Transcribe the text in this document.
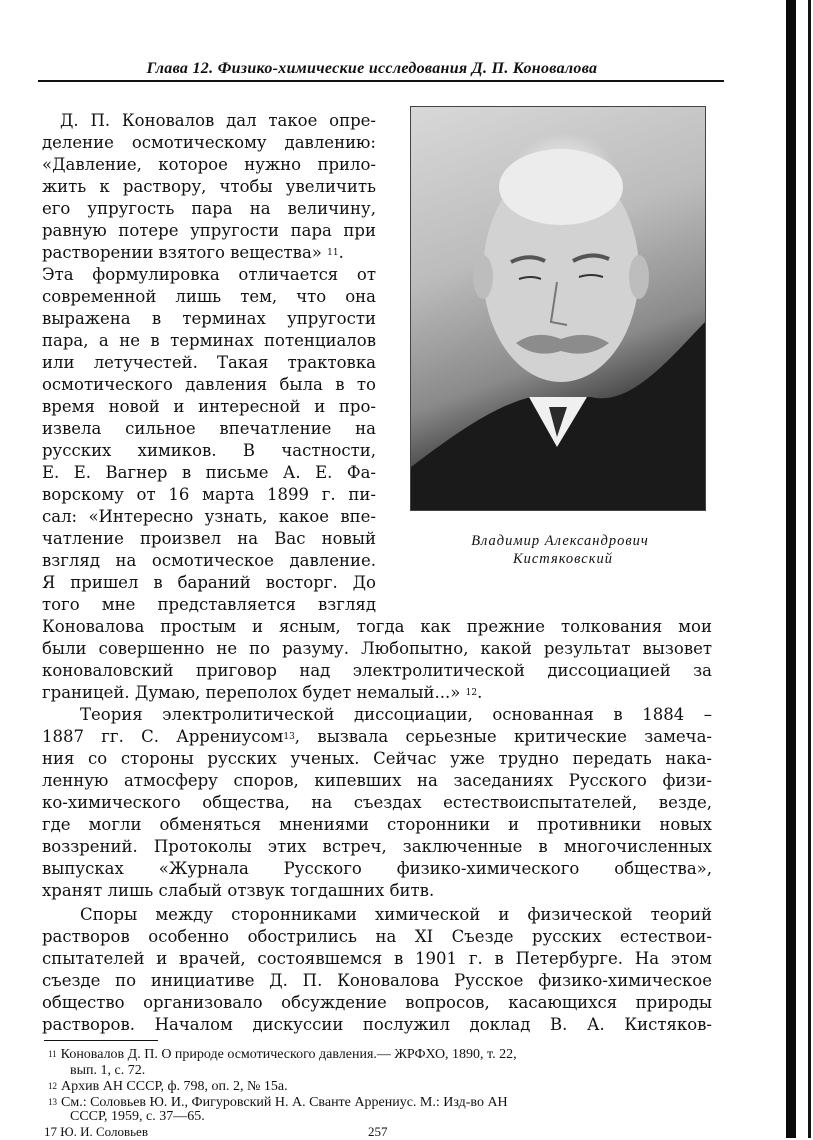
Глава 12. Физико-химические исследования Д. П. Коновалова
Владимир Александрович
Кистяковский
Д. П. Коновалов дал такое опре-
деление осмотическому давлению:
«Давление, которое нужно прило-
жить к раствору, чтобы увеличить
его упругость пара на величину,
равную потере упругости пара при
растворении взятого вещества» $^{11}$.
Эта формулировка отличается от
современной лишь тем, что она
выражена в терминах упругости
пара, а не в терминах потенциалов
или летучестей. Такая трактовка
осмотического давления была в то
время новой и интересной и про-
извела сильное впечатление на
русских химиков. В частности,
Е. Е. Вагнер в письме А. Е. Фа-
ворскому от 16 марта 1899 г. пи-
сал: «Интересно узнать, какое впе-
чатление произвел на Вас новый
взгляд на осмотическое давление.
Я пришел в бараний восторг. До
того мне представляется взгляд
Коновалова простым и ясным, тогда как прежние толкования мои
были совершенно не по разуму. Любопытно, какой результат вызовет
коноваловский приговор над электролитической диссоциацией за
границей. Думаю, переполох будет немалый...» $^{12}$.
Теория электролитической диссоциации, основанная в 1884 –
1887 гг. С. Аррениусом$^{13}$, вызвала серьезные критические замеча-
ния со стороны русских ученых. Сейчас уже трудно передать нака-
ленную атмосферу споров, кипевших на заседаниях Русского физи-
ко-химического общества, на съездах естествоиспытателей, везде,
где могли обменяться мнениями сторонники и противники новых
воззрений. Протоколы этих встреч, заключенные в многочисленных
выпусках «Журнала Русского физико-химического общества»,
хранят лишь слабый отзвук тогдашних битв.
Споры между сторонниками химической и физической теорий
растворов особенно обострились на XI Съезде русских естествои-
спытателей и врачей, состоявшемся в 1901 г. в Петербурге. На этом
съезде по инициативе Д. П. Коновалова Русское физико-химическое
общество организовало обсуждение вопросов, касающихся природы
растворов. Началом дискуссии послужил доклад В. А. Кистяков-
$^{11}$ Коновалов Д. П. О природе осмотического давления.— ЖРФХО, 1890, т. 22,
вып. 1, с. 72.
$^{12}$ Архив АН СССР, ф. 798, оп. 2, № 15а.
$^{13}$ См.: Соловьев Ю. И., Фигуровский Н. А. Сванте Аррениус. М.: Изд-во АН
СССР, 1959, с. 37—65.
17 Ю. И. Соловьев	257
